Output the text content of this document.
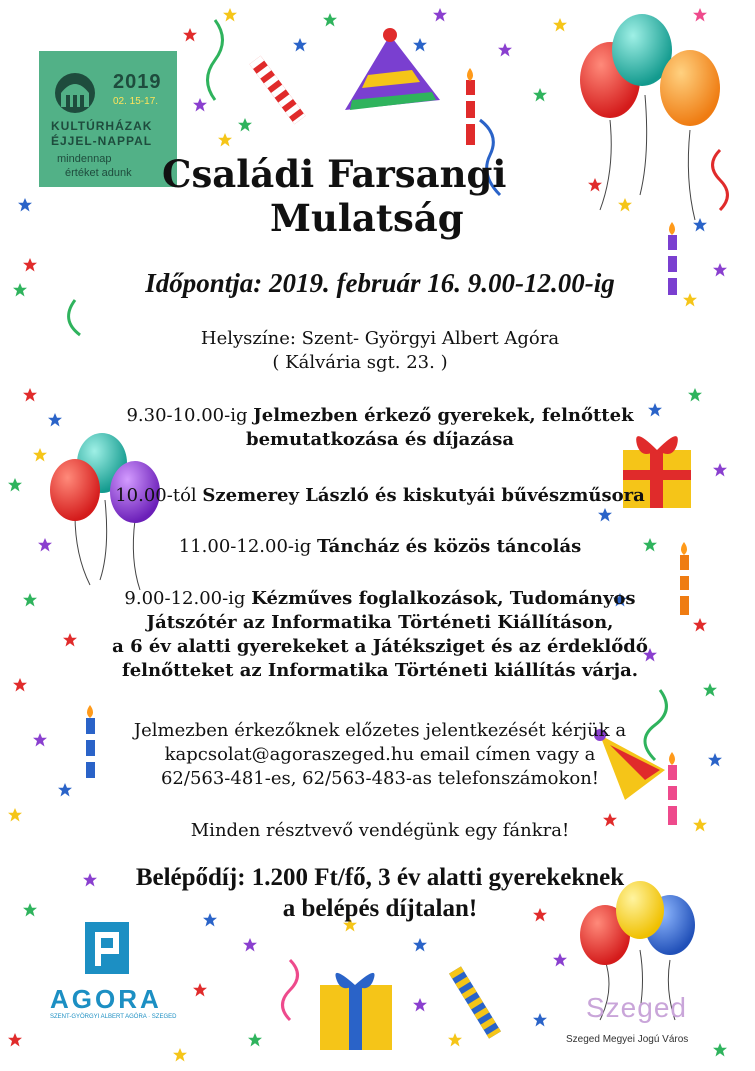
2019
02. 15-17.
KULTÚRHÁZAK
ÉJJEL-NAPPAL
mindennap
értéket adunk Családi Farsangi
Mulatság
Időpontja: 2019. február 16. 9.00-12.00-ig
Helyszíne: Szent- Györgyi Albert Agóra
( Kálvária sgt. 23. )
9.30-10.00-ig Jelmezben érkező gyerekek, felnőttek
bemutatkozása és díjazása
10.00-tól Szemerey László és kiskutyái bűvészműsora
11.00-12.00-ig Táncház és közös táncolás
9.00-12.00-ig Kézműves foglalkozások, Tudományos
Játszótér az Informatika Történeti Kiállításon,
a 6 év alatti gyerekeket a Játéksziget és az érdeklődő
felnőtteket az Informatika Történeti kiállítás várja.
Jelmezben érkezőknek előzetes jelentkezését kérjük a
kapcsolat@agoraszeged.hu email címen vagy a
62/563-481-es, 62/563-483-as telefonszámokon!
Minden résztvevő vendégünk egy fánkra!
Belépődíj: 1.200 Ft/fő, 3 év alatti gyerekeknek
a belépés díjtalan!
AGORA
SZENT-GYÖRGYI ALBERT AGÓRA · SZEGED	Szeged
Szeged Megyei Jogú Város
